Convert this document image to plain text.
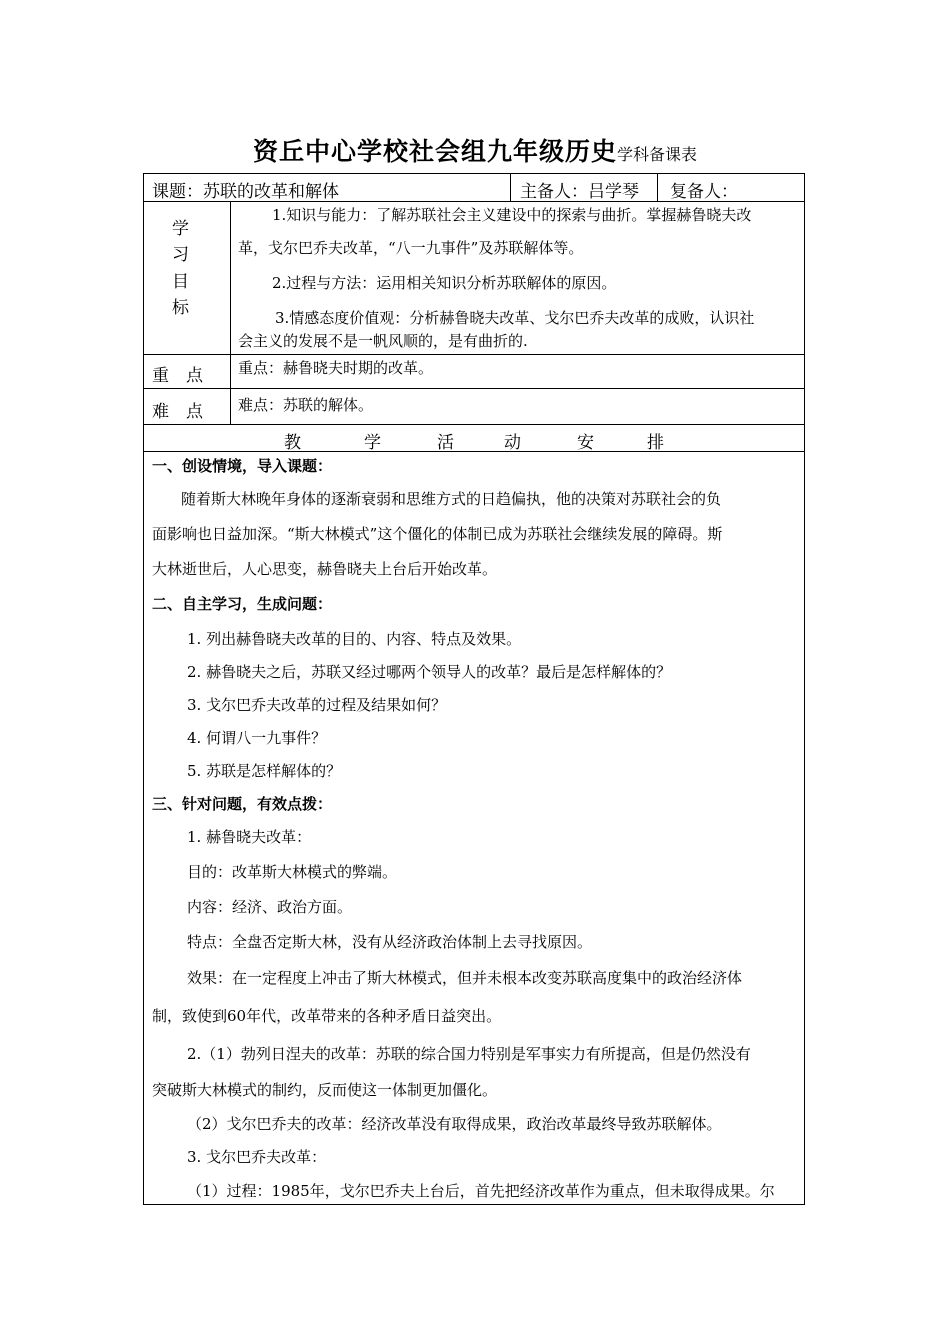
资丘中心学校社会组九年级历史学科备课表
课题：苏联的改革和解体	主备人：吕学琴 复备人：
学
习
目
标
1.知识与能力：了解苏联社会主义建设中的探索与曲折。掌握赫鲁晓夫改
革，戈尔巴乔夫改革，“八一九事件”及苏联解体等。
2.过程与方法：运用相关知识分析苏联解体的原因。
3.情感态度价值观：分析赫鲁晓夫改革、戈尔巴乔夫改革的成败，认识社
会主义的发展不是一帆风顺的，是有曲折的.
重　点 重点：赫鲁晓夫时期的改革。
难　点 难点：苏联的解体。
教	学	活	动	安	排
一、创设情境，导入课题：
随着斯大林晚年身体的逐渐衰弱和思维方式的日趋偏执，他的决策对苏联社会的负
面影响也日益加深。“斯大林模式”这个僵化的体制已成为苏联社会继续发展的障碍。斯
大林逝世后，人心思变，赫鲁晓夫上台后开始改革。
二、自主学习，生成问题：
1. 列出赫鲁晓夫改革的目的、内容、特点及效果。
2. 赫鲁晓夫之后，苏联又经过哪两个领导人的改革？最后是怎样解体的？
3. 戈尔巴乔夫改革的过程及结果如何？
4. 何谓八一九事件？
5. 苏联是怎样解体的？
三、针对问题，有效点拨：
1. 赫鲁晓夫改革：
目的：改革斯大林模式的弊端。
内容：经济、政治方面。
特点：全盘否定斯大林，没有从经济政治体制上去寻找原因。
效果：在一定程度上冲击了斯大林模式，但并未根本改变苏联高度集中的政治经济体
制，致使到60年代，改革带来的各种矛盾日益突出。
2.（1）勃列日涅夫的改革：苏联的综合国力特别是军事实力有所提高，但是仍然没有
突破斯大林模式的制约，反而使这一体制更加僵化。
（2）戈尔巴乔夫的改革：经济改革没有取得成果，政治改革最终导致苏联解体。
3. 戈尔巴乔夫改革：
（1）过程：1985年，戈尔巴乔夫上台后，首先把经济改革作为重点，但未取得成果。尔
